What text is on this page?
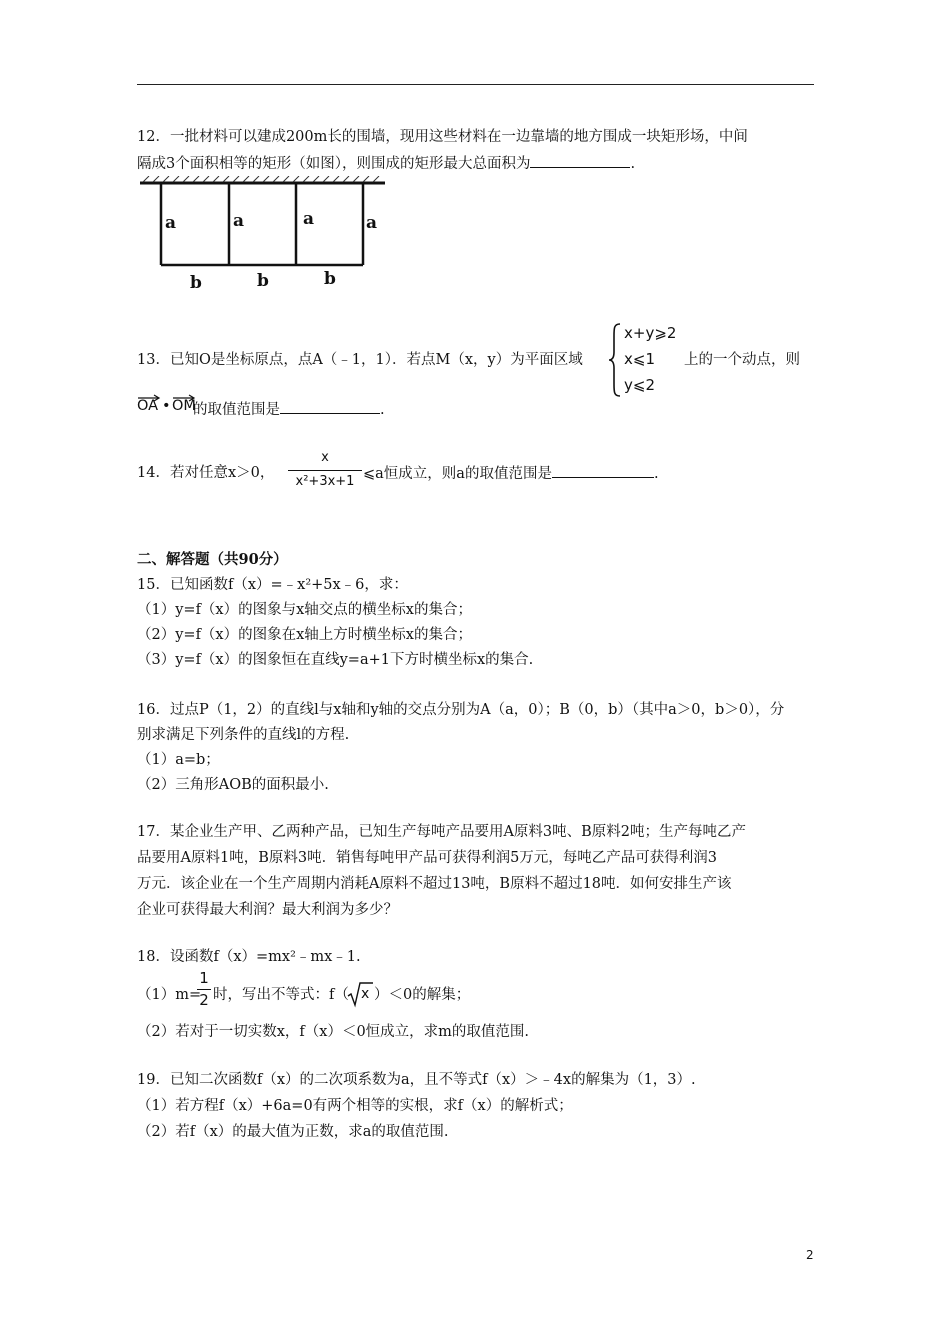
12．一批材料可以建成200m长的围墙，现用这些材料在一边靠墙的地方围成一块矩形场，中间
隔成3个面积相等的矩形（如图），则围成的矩形最大总面积为	.
a	a	a	a
b	b	b
13．已知O是坐标原点，点A（﹣1，1）．若点M（x，y）为平面区域
x+y⩾2
x⩽1
y⩽2
上的一个动点，则
OA • OM
的取值范围是	.
14．若对任意x＞0，
x
x²+3x+1 ⩽a恒成立，则a的取值范围是	.
二、解答题（共90分）
15．已知函数f（x）=﹣x²+5x﹣6，求：
（1）y=f（x）的图象与x轴交点的横坐标x的集合；
（2）y=f（x）的图象在x轴上方时横坐标x的集合；
（3）y=f（x）的图象恒在直线y=a+1下方时横坐标x的集合.
16．过点P（1，2）的直线l与x轴和y轴的交点分别为A（a，0）；B（0，b）（其中a＞0，b＞0），分
别求满足下列条件的直线l的方程.
（1）a=b；
（2）三角形AOB的面积最小.
17．某企业生产甲、乙两种产品，已知生产每吨产品要用A原料3吨、B原料2吨；生产每吨乙产
品要用A原料1吨，B原料3吨．销售每吨甲产品可获得利润5万元，每吨乙产品可获得利润3
万元．该企业在一个生产周期内消耗A原料不超过13吨，B原料不超过18吨．如何安排生产该
企业可获得最大利润？最大利润为多少？
18．设函数f（x）=mx²﹣mx﹣1.
（1）m=
1
2 时，写出不等式：f（ x ）＜0的解集；
（2）若对于一切实数x，f（x）＜0恒成立，求m的取值范围.
19．已知二次函数f（x）的二次项系数为a，且不等式f（x）＞﹣4x的解集为（1，3）.
（1）若方程f（x）+6a=0有两个相等的实根，求f（x）的解析式；
（2）若f（x）的最大值为正数，求a的取值范围.
2
